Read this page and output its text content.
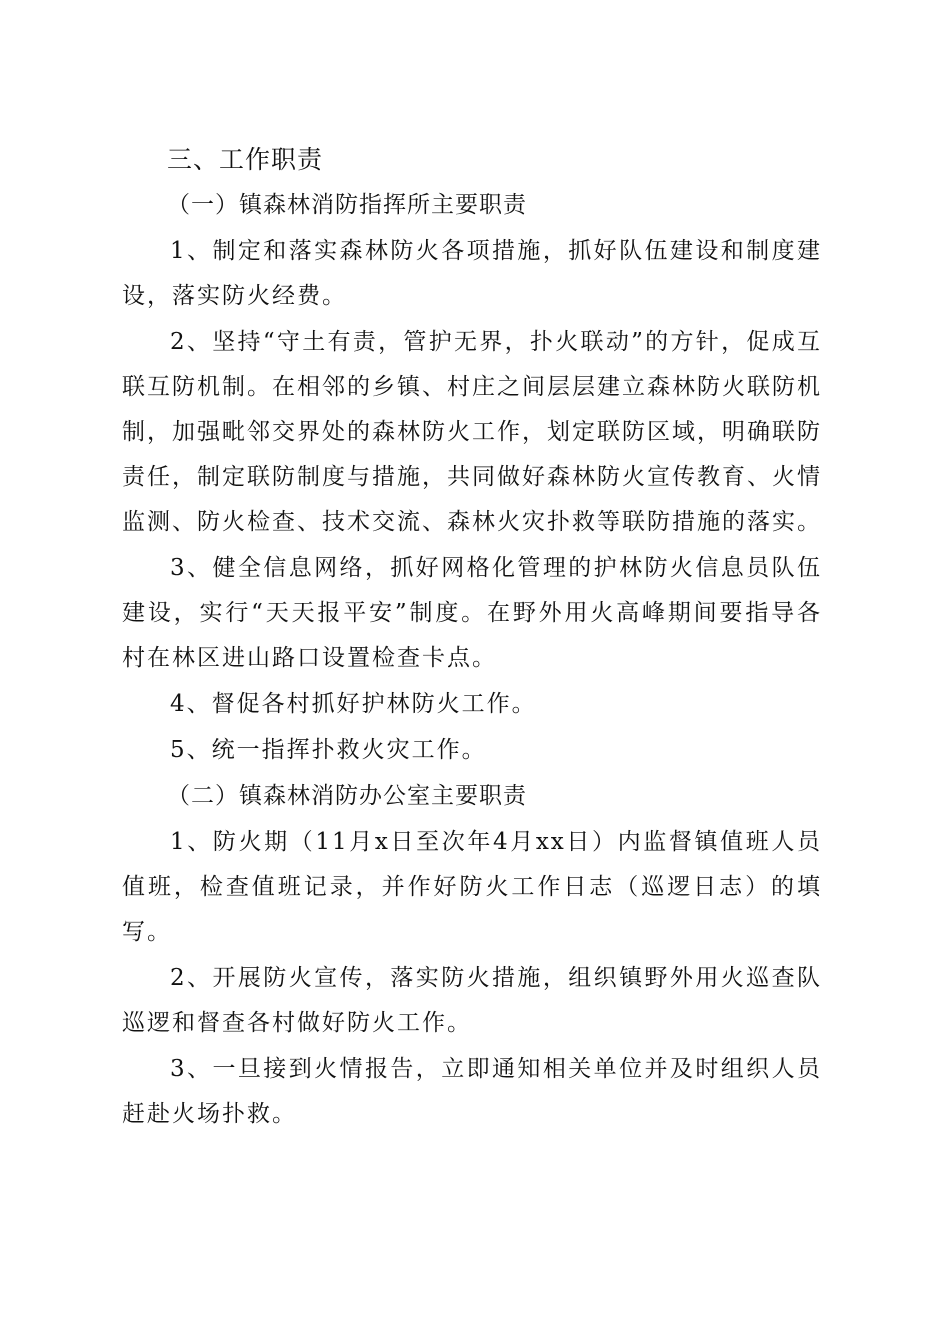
三、工作职责
（一）镇森林消防指挥所主要职责

1、制定和落实森林防火各项措施，抓好队伍建设和制度建设，落实防火经费。

2、坚持“守土有责，管护无界，扑火联动”的方针，促成互联互防机制。在相邻的乡镇、村庄之间层层建立森林防火联防机制，加强毗邻交界处的森林防火工作，划定联防区域，明确联防责任，制定联防制度与措施，共同做好森林防火宣传教育、火情监测、防火检查、技术交流、森林火灾扑救等联防措施的落实。

3、健全信息网络，抓好网格化管理的护林防火信息员队伍建设，实行“天天报平安”制度。在野外用火高峰期间要指导各村在林区进山路口设置检查卡点。

4、督促各村抓好护林防火工作。

5、统一指挥扑救火灾工作。

（二）镇森林消防办公室主要职责

1、防火期（11月x日至次年4月xx日）内监督镇值班人员值班，检查值班记录，并作好防火工作日志（巡逻日志）的填写。

2、开展防火宣传，落实防火措施，组织镇野外用火巡查队巡逻和督查各村做好防火工作。

3、一旦接到火情报告，立即通知相关单位并及时组织人员赶赴火场扑救。
